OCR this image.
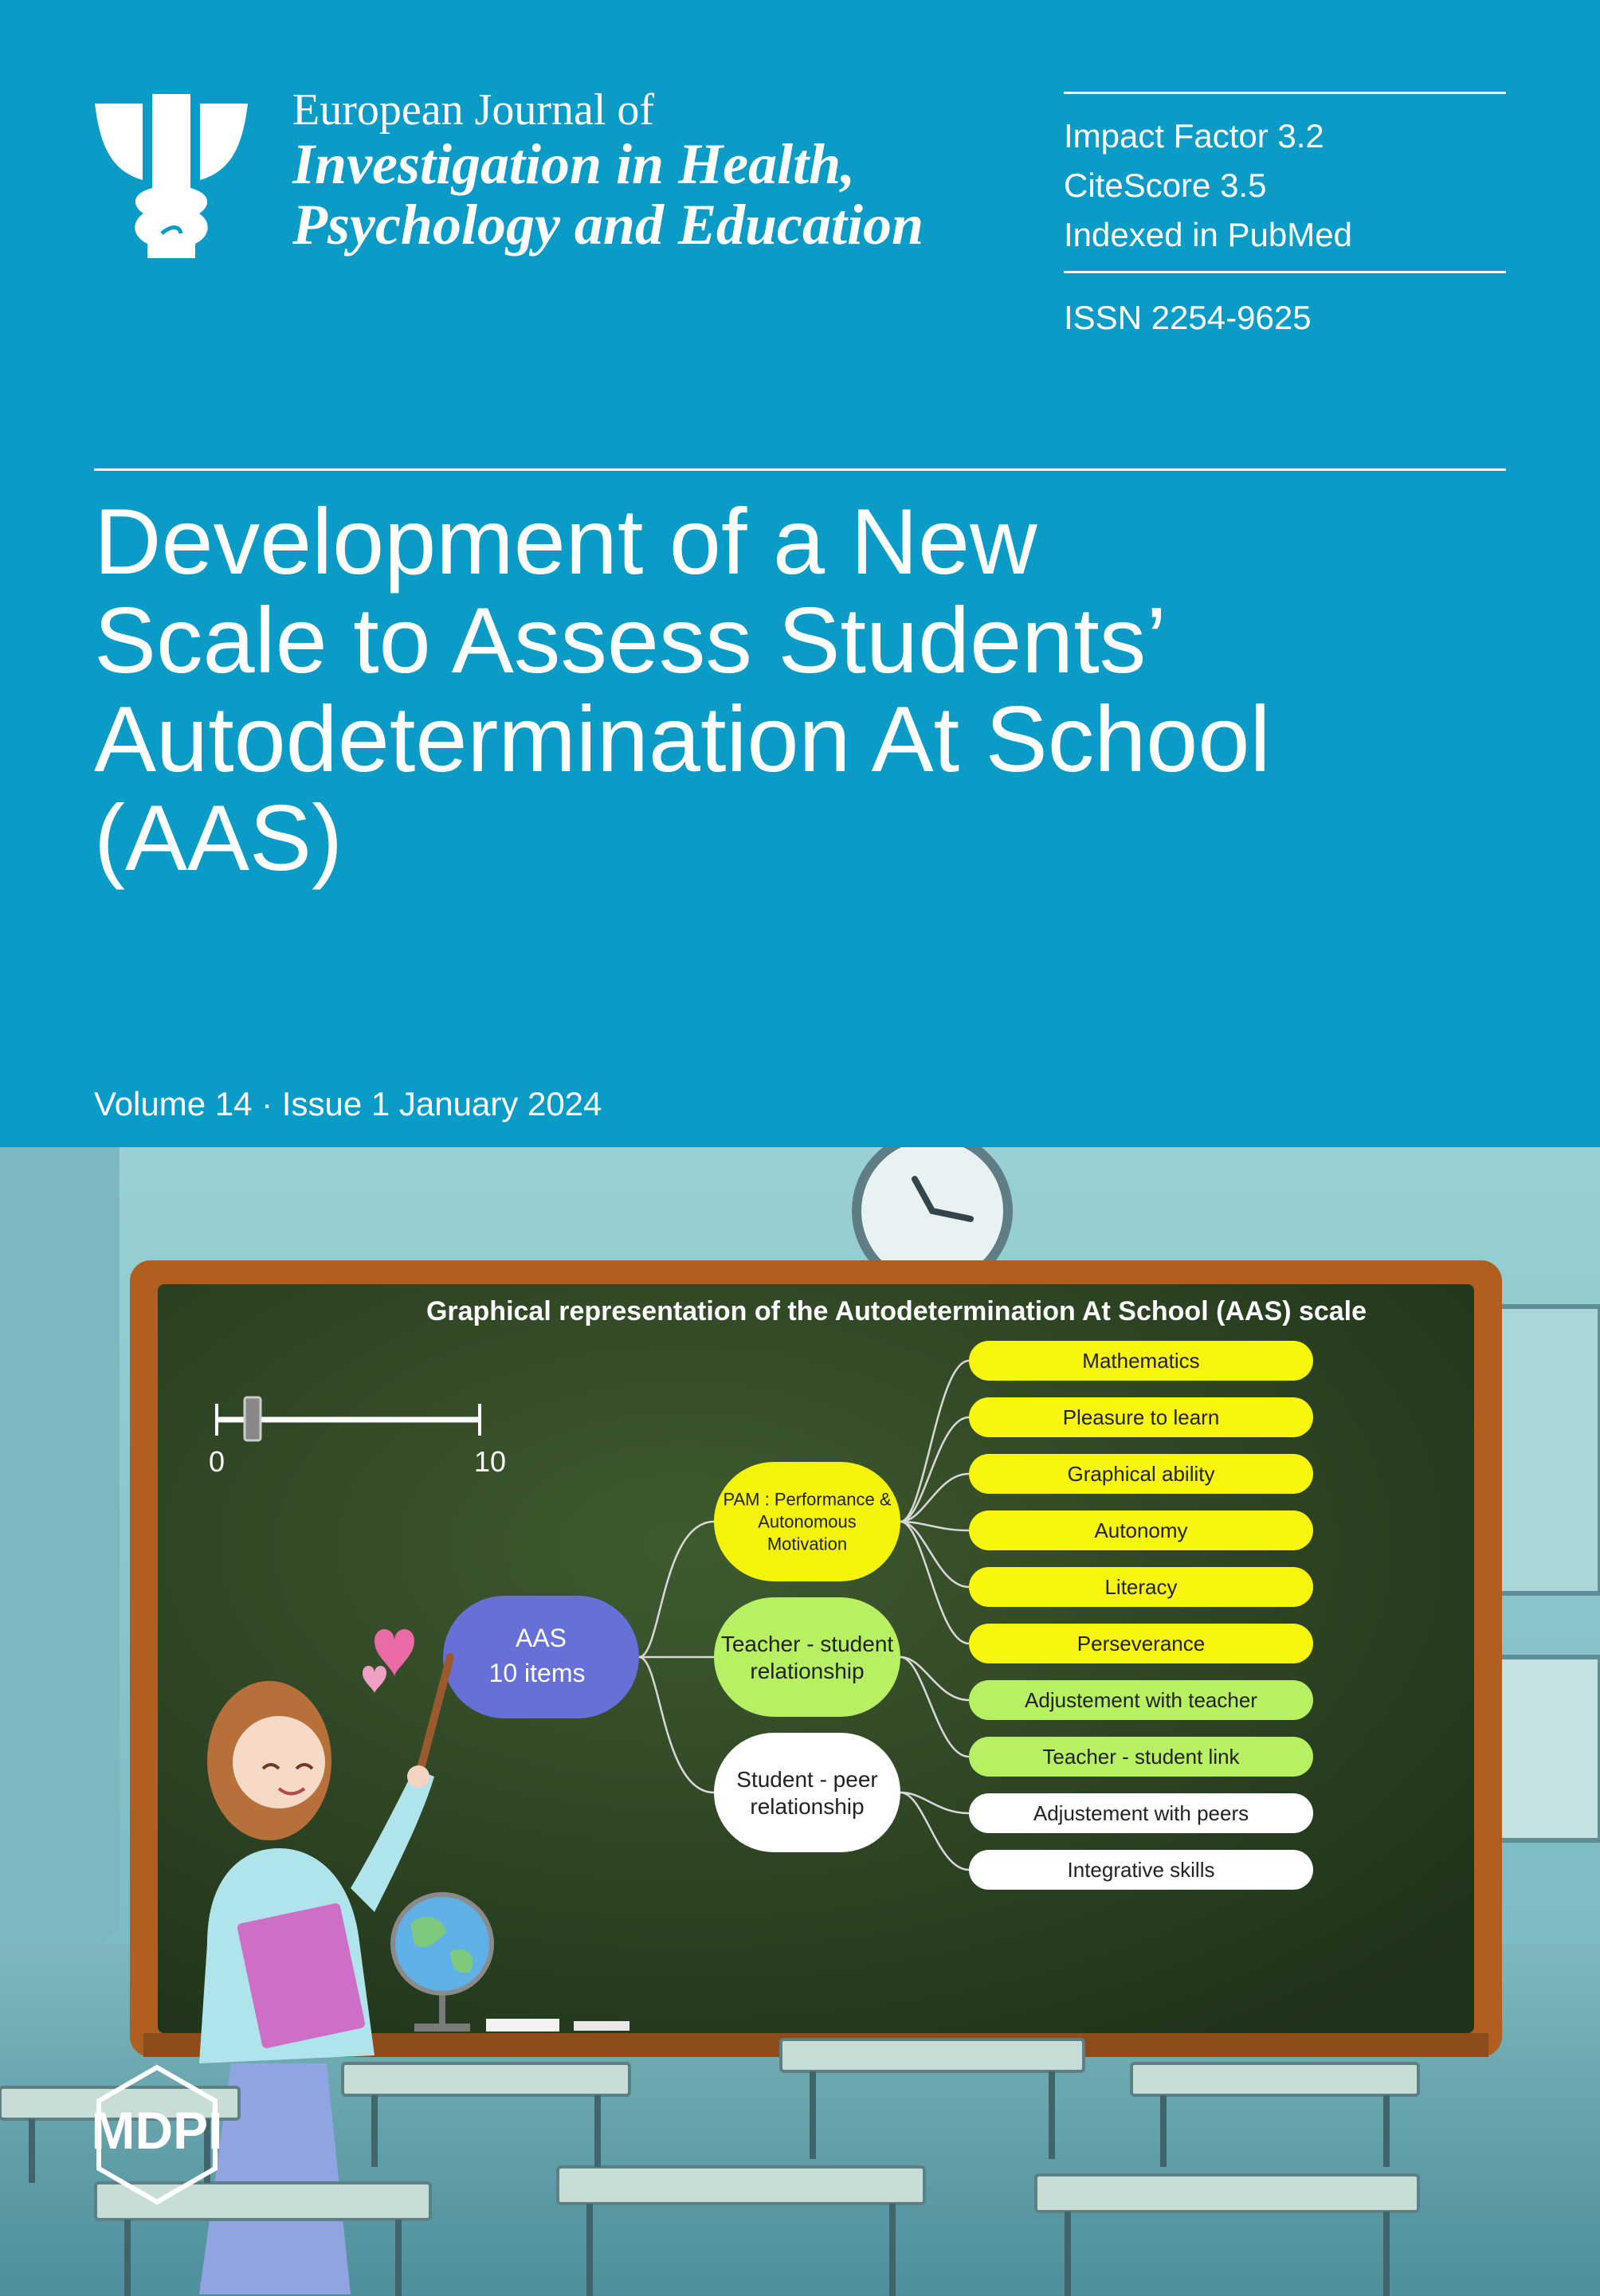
European Journal of
Investigation in Health,
Psychology and Education
Impact Factor 3.2
CiteScore 3.5
Indexed in PubMed
ISSN 2254-9625
Development of a New
Scale to Assess Students’
Autodetermination At School
(AAS)
Volume 14 · Issue 1 January 2024
Graphical representation of the Autodetermination At School (AAS) scale
0	10
AAS
10 items
PAM : Performance &
Autonomous
Motivation
Teacher - student
relationship
Student - peer
relationship
Mathematics
Pleasure to learn
Graphical ability
Autonomy
Literacy
Perseverance
Adjustement with teacher
Teacher - student link
Adjustement with peers
Integrative skills
MDPI
